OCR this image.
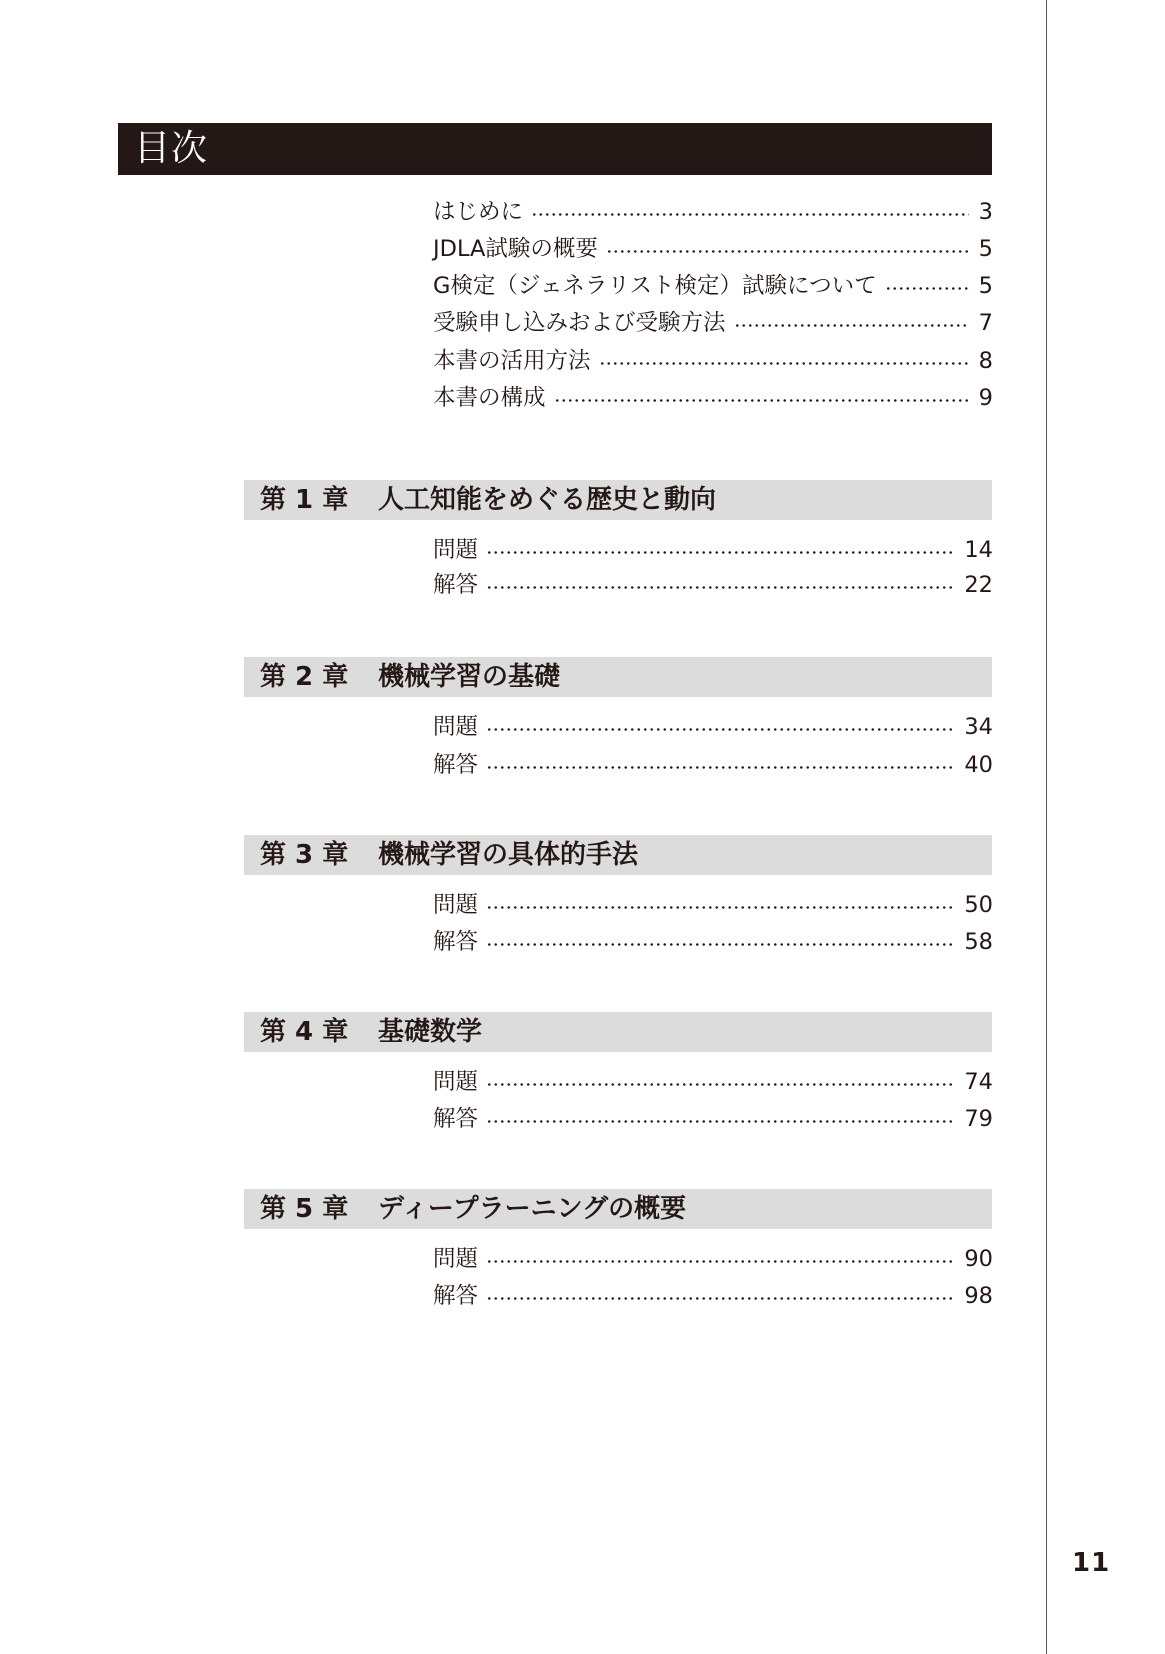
目次
はじめに	3
JDLA試験の概要	5
G検定（ジェネラリスト検定）試験について	5
受験申し込みおよび受験方法	7
本書の活用方法	8
本書の構成	9
第 1 章	人工知能をめぐる歴史と動向
問題	14
解答	22
第 2 章	機械学習の基礎
問題	34
解答	40
第 3 章	機械学習の具体的手法
問題	50
解答	58
第 4 章	基礎数学
問題	74
解答	79
第 5 章	ディープラーニングの概要
問題	90
解答	98
11
